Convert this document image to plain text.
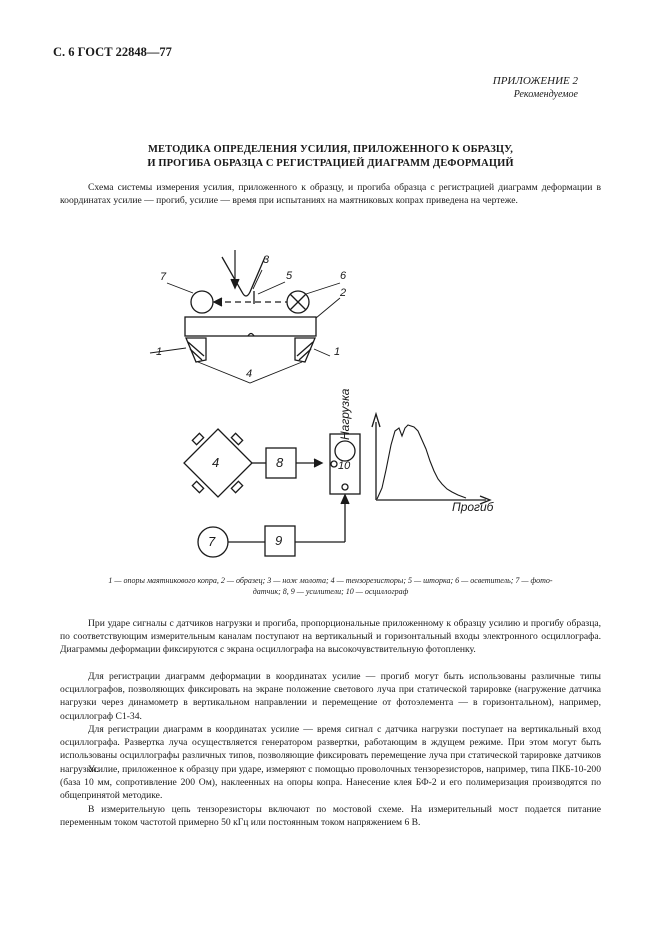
С. 6 ГОСТ 22848—77
ПРИЛОЖЕНИЕ 2
Рекомендуемое
МЕТОДИКА ОПРЕДЕЛЕНИЯ УСИЛИЯ, ПРИЛОЖЕННОГО К ОБРАЗЦУ,
И ПРОГИБА ОБРАЗЦА С РЕГИСТРАЦИЕЙ ДИАГРАММ ДЕФОРМАЦИЙ

Схема системы измерения усилия, приложенного к образцу, и прогиба образца с регистрацией диаграмм деформации в координатах усилие — прогиб, усилие — время при испытаниях на маятниковых копрах приведена на чертеже.

3
7	5	6
2
1	1
4
4	8	10
7	9
Нагрузка
Прогиб
1 — опоры маятникового копра, 2 — образец; 3 — нож молота; 4 — тензорезисторы; 5 — шторка; 6 — осветитель; 7 — фото-
датчик; 8, 9 — усилители; 10 — осциллограф

При ударе сигналы с датчиков нагрузки и прогиба, пропорциональные приложенному к образцу усилию и прогибу образца, по соответствующим измерительным каналам поступают на вертикальный и горизонтальный входы электронного осциллографа. Диаграммы деформации фиксируются с экрана осциллографа на высокочувствительную фотопленку.

Для регистрации диаграмм деформации в координатах усилие — прогиб могут быть использованы различные типы осциллографов, позволяющих фиксировать на экране положение светового луча при статической тарировке (нагружение датчика нагрузки через динамометр в вертикальном направлении и перемещение от фотоэлемента — в горизонтальном), например, осциллограф С1-34.

Для регистрации диаграмм в координатах усилие — время сигнал с датчика нагрузки поступает на вертикальный вход осциллографа. Развертка луча осуществляется генератором развертки, работающим в ждущем режиме. При этом могут быть использованы осциллографы различных типов, позволяющие фиксировать перемещение луча при статической тарировке датчиков нагрузки.

Усилие, приложенное к образцу при ударе, измеряют с помощью проволочных тензорезисторов, например, типа ПКБ-10-200 (база 10 мм, сопротивление 200 Ом), наклеенных на опоры копра. Нанесение клея БФ-2 и его полимеризация производятся по общепринятой методике.

В измерительную цепь тензорезисторы включают по мостовой схеме. На измерительный мост подается питание переменным током частотой примерно 50 кГц или постоянным током напряжением 6 В.
